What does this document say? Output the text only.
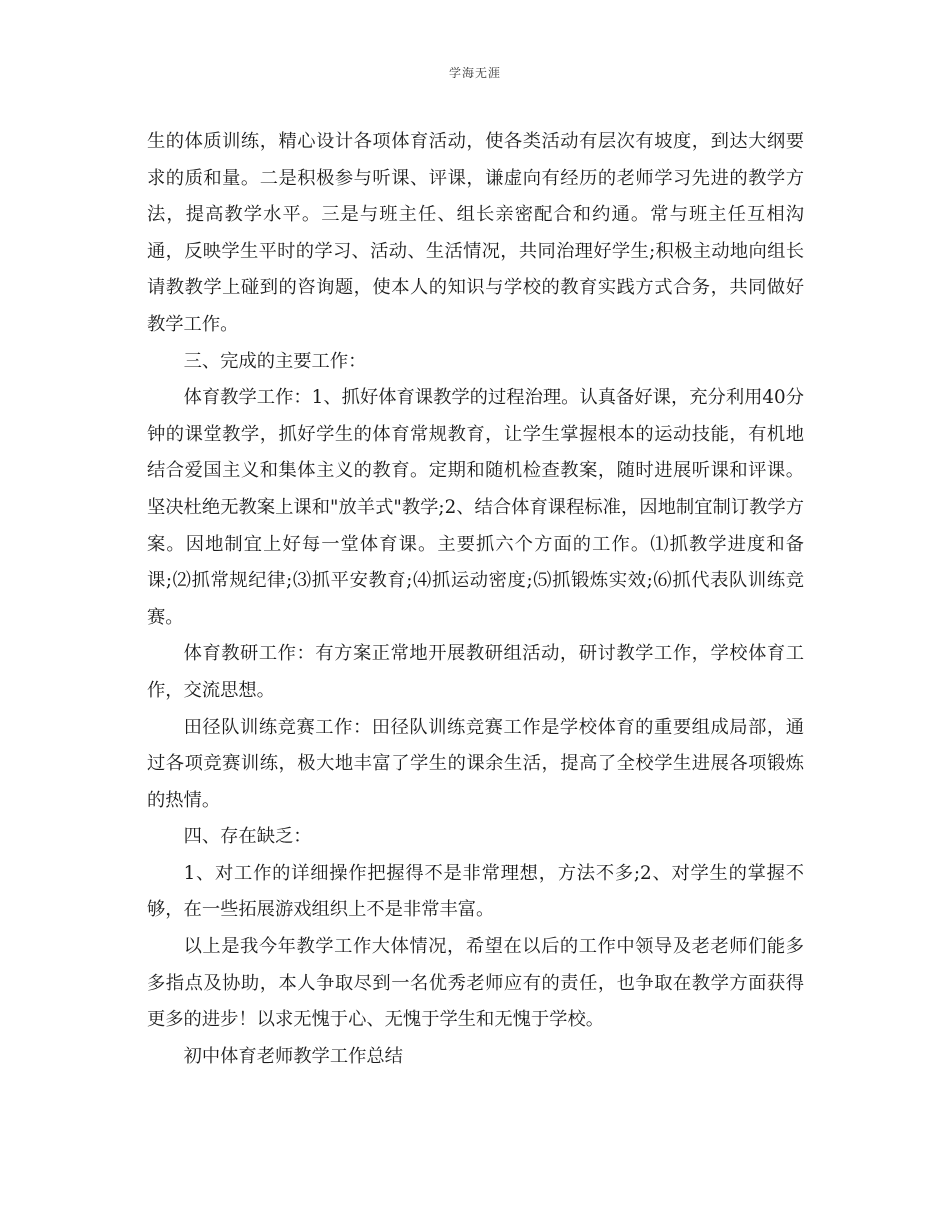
学海无涯

生的体质训练，精心设计各项体育活动，使各类活动有层次有坡度，到达大纲要求的质和量。二是积极参与听课、评课，谦虚向有经历的老师学习先进的教学方法，提高教学水平。三是与班主任、组长亲密配合和约通。常与班主任互相沟通，反映学生平时的学习、活动、生活情况，共同治理好学生;积极主动地向组长请教教学上碰到的咨询题，使本人的知识与学校的教育实践方式合务，共同做好教学工作。

三、完成的主要工作：

体育教学工作：1、抓好体育课教学的过程治理。认真备好课，充分利用40分钟的课堂教学，抓好学生的体育常规教育，让学生掌握根本的运动技能，有机地结合爱国主义和集体主义的教育。定期和随机检查教案，随时进展听课和评课。坚决杜绝无教案上课和"放羊式"教学;2、结合体育课程标准，因地制宜制订教学方案。因地制宜上好每一堂体育课。主要抓六个方面的工作。⑴抓教学进度和备课;⑵抓常规纪律;⑶抓平安教育;⑷抓运动密度;⑸抓锻炼实效;⑹抓代表队训练竞赛。

体育教研工作：有方案正常地开展教研组活动，研讨教学工作，学校体育工作，交流思想。

田径队训练竞赛工作：田径队训练竞赛工作是学校体育的重要组成局部，通过各项竞赛训练，极大地丰富了学生的课余生活，提高了全校学生进展各项锻炼的热情。

四、存在缺乏：

1、对工作的详细操作把握得不是非常理想，方法不多;2、对学生的掌握不够，在一些拓展游戏组织上不是非常丰富。

以上是我今年教学工作大体情况，希望在以后的工作中领导及老老师们能多多指点及协助，本人争取尽到一名优秀老师应有的责任，也争取在教学方面获得更多的进步！以求无愧于心、无愧于学生和无愧于学校。

初中体育老师教学工作总结
